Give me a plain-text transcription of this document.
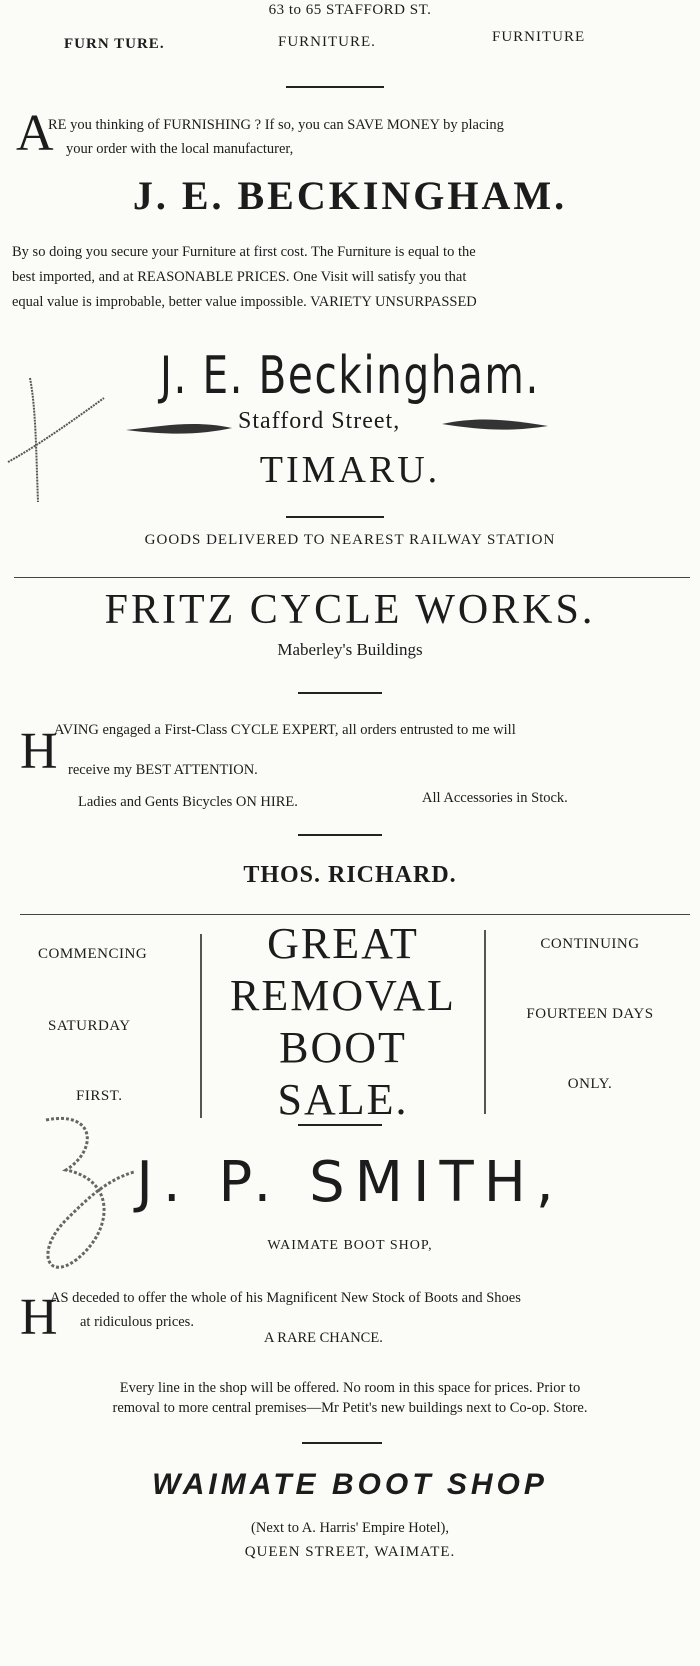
63 to 65 STAFFORD ST.
FURN TURE.	FURNITURE.	FURNITURE
A
RE you thinking of FURNISHING ? If so, you can SAVE MONEY by placing
your order with the local manufacturer,
J. E. BECKINGHAM.
By so doing you secure your Furniture at first cost. The Furniture is equal to the
best imported, and at REASONABLE PRICES. One Visit will satisfy you that
equal value is improbable, better value impossible. VARIETY UNSURPASSED
J. E. Beckingham.
Stafford Street,
TIMARU.
GOODS DELIVERED TO NEAREST RAILWAY STATION
FRITZ CYCLE WORKS.
Maberley's Buildings
H
AVING engaged a First-Class CYCLE EXPERT, all orders entrusted to me will
receive my BEST ATTENTION.
Ladies and Gents Bicycles ON HIRE.	All Accessories in Stock.
THOS. RICHARD.
COMMENCING
SATURDAY
FIRST.
GREAT
REMOVAL
BOOT
SALE.
CONTINUING
FOURTEEN DAYS
ONLY.
J. P. SMITH,
WAIMATE BOOT SHOP,
H
AS deceded to offer the whole of his Magnificent New Stock of Boots and Shoes
at ridiculous prices.
A RARE CHANCE.
Every line in the shop will be offered. No room in this space for prices. Prior to
removal to more central premises—Mr Petit's new buildings next to Co-op. Store.
WAIMATE BOOT SHOP
(Next to A. Harris' Empire Hotel),
QUEEN STREET, WAIMATE.
